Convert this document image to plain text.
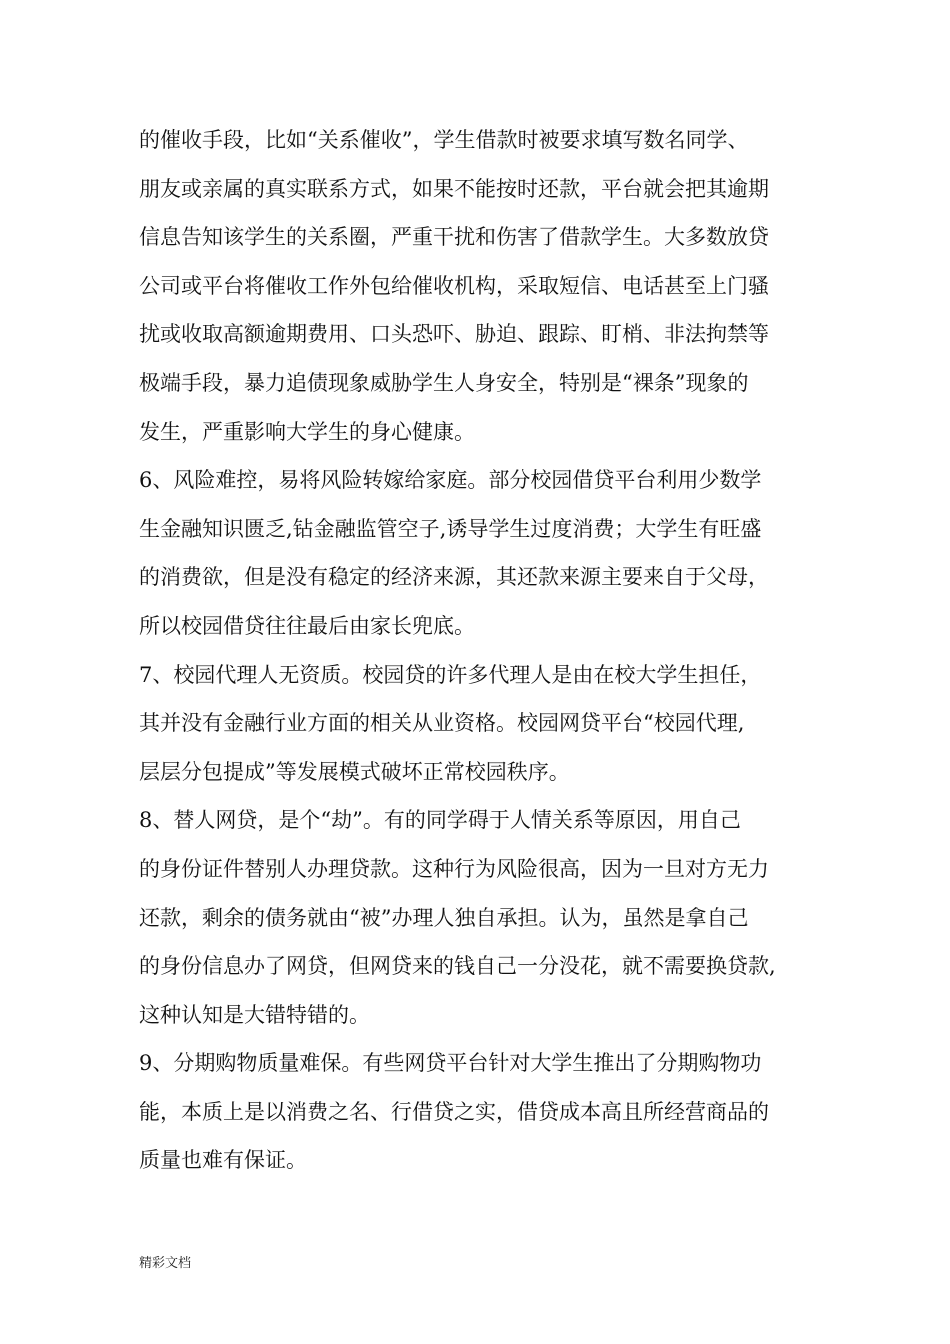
的催收手段，比如“关系催收”，学生借款时被要求填写数名同学、
朋友或亲属的真实联系方式，如果不能按时还款，平台就会把其逾期
信息告知该学生的关系圈，严重干扰和伤害了借款学生。大多数放贷
公司或平台将催收工作外包给催收机构，采取短信、电话甚至上门骚
扰或收取高额逾期费用、口头恐吓、胁迫、跟踪、盯梢、非法拘禁等
极端手段，暴力追债现象威胁学生人身安全，特别是“裸条”现象的
发生，严重影响大学生的身心健康。
6、风险难控，易将风险转嫁给家庭。部分校园借贷平台利用少数学
生金融知识匮乏,钻金融监管空子,诱导学生过度消费；大学生有旺盛
的消费欲，但是没有稳定的经济来源，其还款来源主要来自于父母，
所以校园借贷往往最后由家长兜底。
7、校园代理人无资质。校园贷的许多代理人是由在校大学生担任，
其并没有金融行业方面的相关从业资格。校园网贷平台“校园代理,
层层分包提成”等发展模式破坏正常校园秩序。
8、替人网贷，是个“劫”。有的同学碍于人情关系等原因，用自己
的身份证件替别人办理贷款。这种行为风险很高，因为一旦对方无力
还款，剩余的债务就由“被”办理人独自承担。认为，虽然是拿自己
的身份信息办了网贷，但网贷来的钱自己一分没花，就不需要换贷款,
这种认知是大错特错的。
9、分期购物质量难保。有些网贷平台针对大学生推出了分期购物功
能，本质上是以消费之名、行借贷之实，借贷成本高且所经营商品的
质量也难有保证。
精彩文档
